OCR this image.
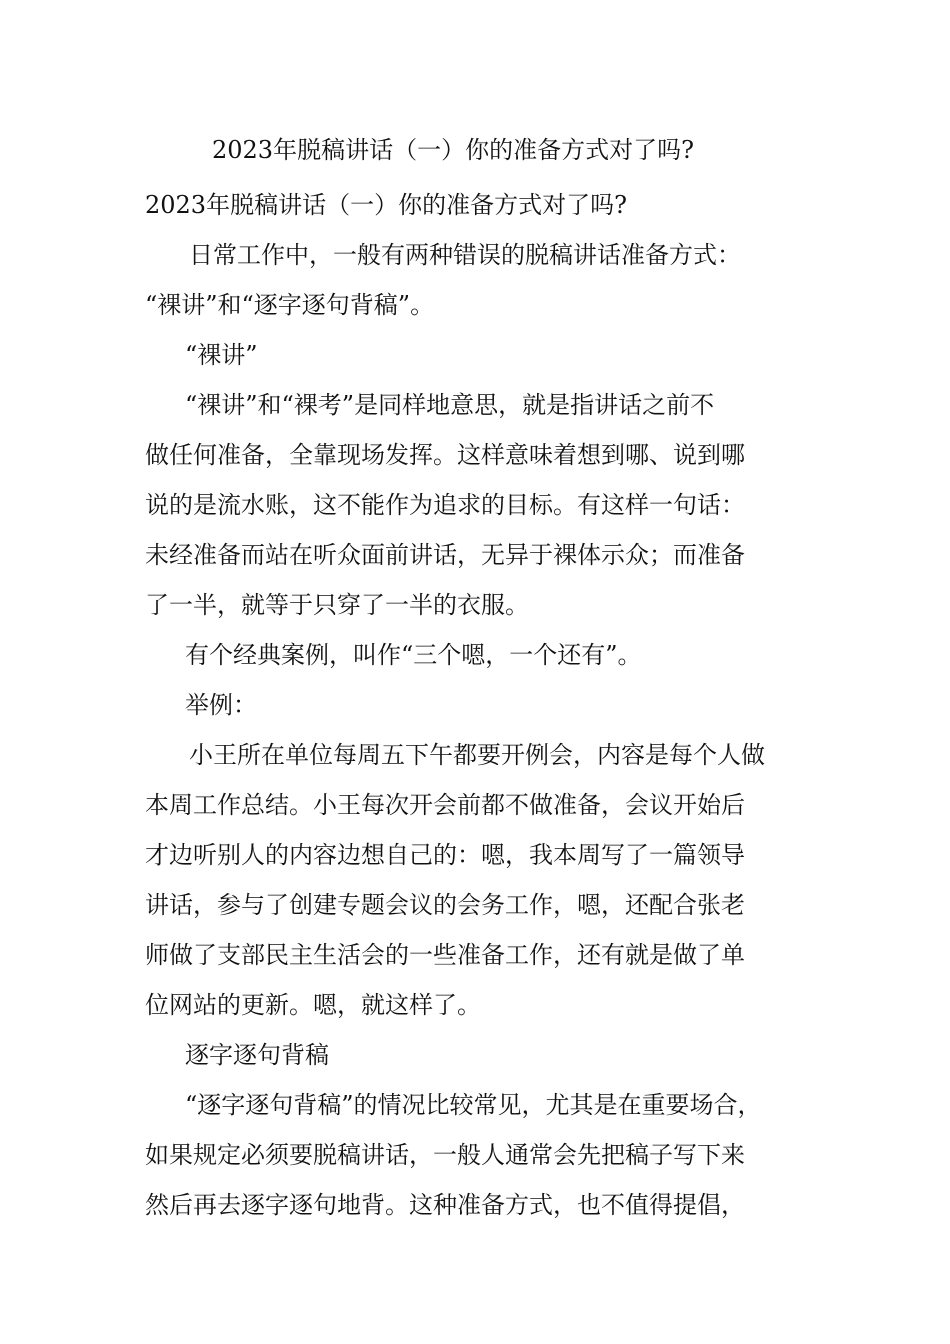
2023年脱稿讲话（一）你的准备方式对了吗?
2023年脱稿讲话（一）你的准备方式对了吗?
日常工作中，一般有两种错误的脱稿讲话准备方式：
“裸讲”和“逐字逐句背稿”。
“裸讲”
“裸讲”和“裸考”是同样地意思，就是指讲话之前不
做任何准备，全靠现场发挥。这样意味着想到哪、说到哪
说的是流水账，这不能作为追求的目标。有这样一句话：
未经准备而站在听众面前讲话，无异于裸体示众；而准备
了一半，就等于只穿了一半的衣服。
有个经典案例，叫作“三个嗯，一个还有”。
举例：
小王所在单位每周五下午都要开例会，内容是每个人做
本周工作总结。小王每次开会前都不做准备，会议开始后
才边听别人的内容边想自己的：嗯，我本周写了一篇领导
讲话，参与了创建专题会议的会务工作，嗯，还配合张老
师做了支部民主生活会的一些准备工作，还有就是做了单
位网站的更新。嗯，就这样了。
逐字逐句背稿
“逐字逐句背稿”的情况比较常见，尤其是在重要场合，
如果规定必须要脱稿讲话，一般人通常会先把稿子写下来
然后再去逐字逐句地背。这种准备方式，也不值得提倡，
